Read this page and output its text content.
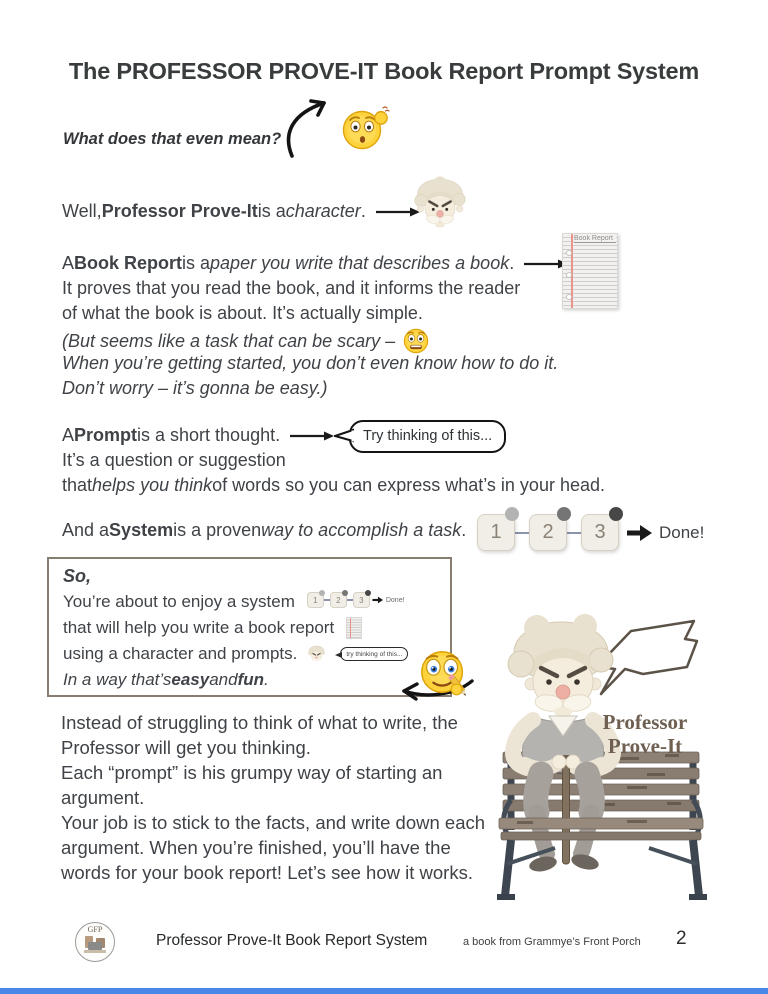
The PROFESSOR PROVE-IT Book Report Prompt System
What does that even mean?
Well, Professor Prove-It is a character .
A Book Report is a paper you write that describes a book .
It proves that you read the book, and it informs the reader
of what the book is about. It’s actually simple.
(But seems like a task that can be scary –
When you’re getting started, you don’t even know how to do it.
Don’t worry – it’s gonna be easy.)
Book Report
A Prompt is a short thought.	Try thinking of this...
It’s a question or suggestion
that helps you think of words so you can express what’s in your head.
And a System is a proven way to accomplish a task . 1 2 3	Done!
So,
You’re about to enjoy a system 1 2 3	Done!
that will help you write a book report
using a character and prompts.	try thinking of this...
In a way that’s easy and fun .
Instead of struggling to think of what to write, the
Professor will get you thinking.
Each “prompt” is his grumpy way of starting an
argument.
Your job is to stick to the facts, and write down each
argument. When you’re finished, you’ll have the
words for your book report! Let’s see how it works.
Professor
Prove-It
GFP
Professor Prove-It Book Report System	a book from Grammye’s Front Porch 2
